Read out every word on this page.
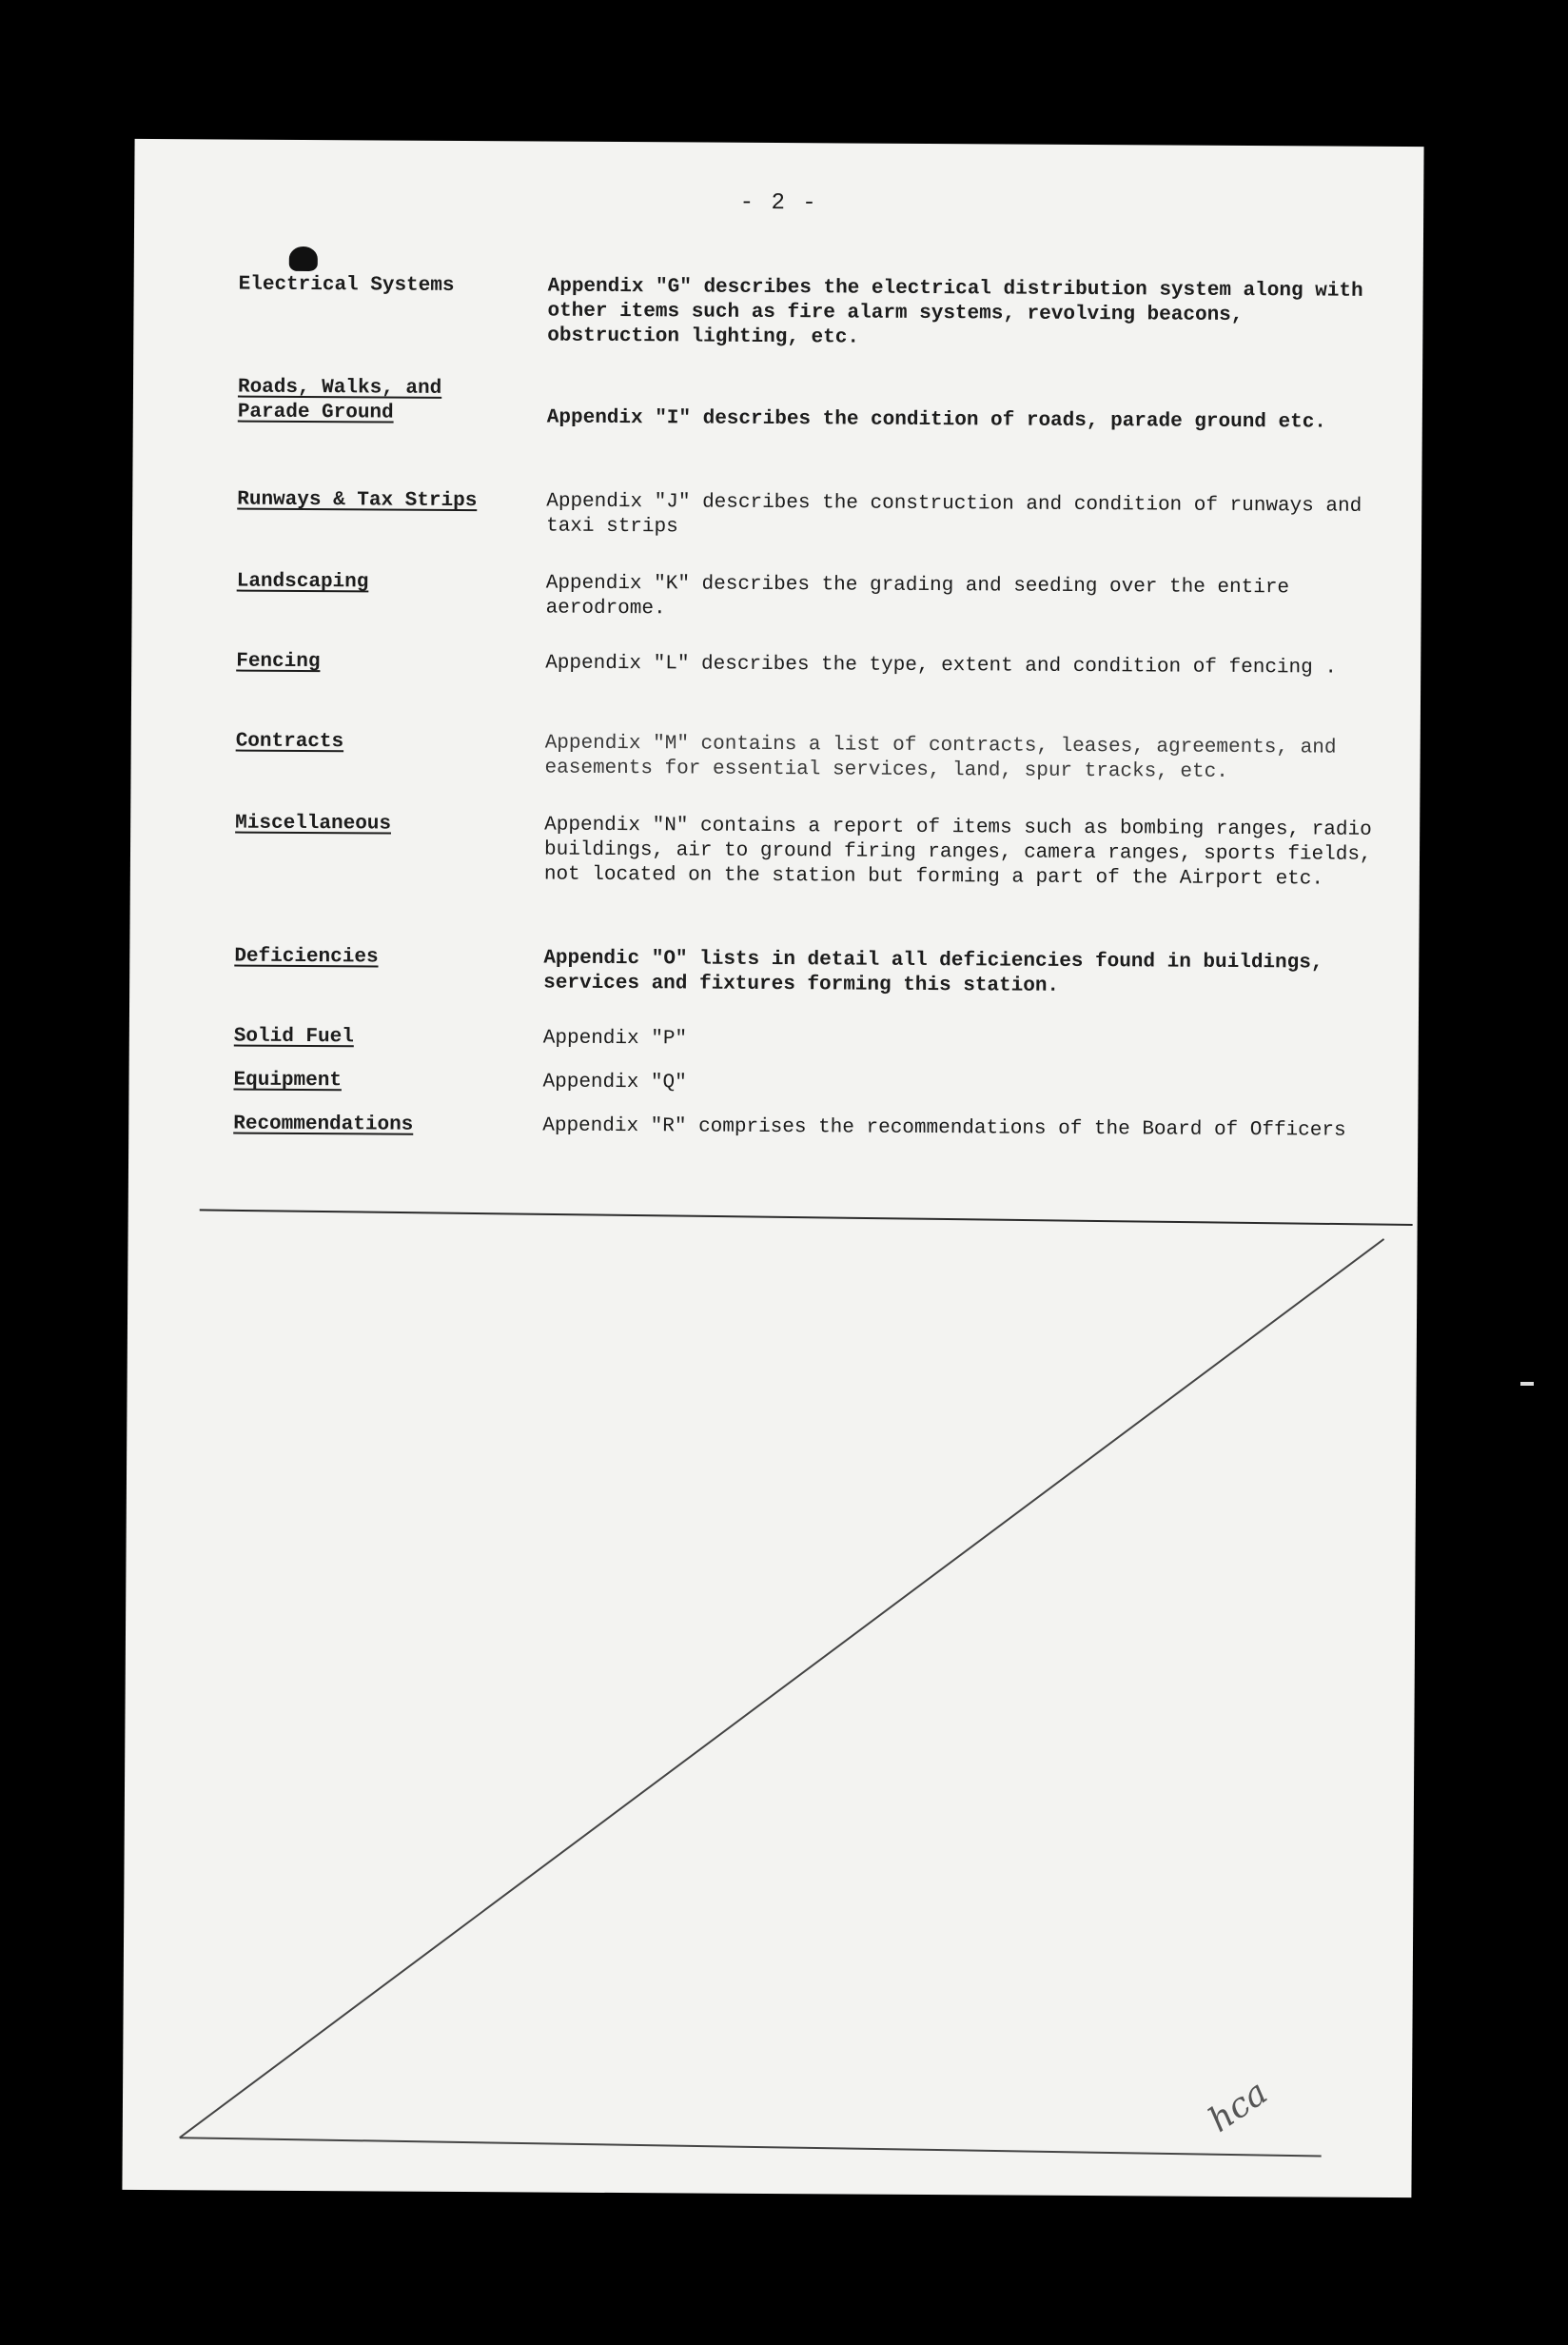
- 2 -
Electrical Systems	Appendix "G" describes the electrical distribution system along with other items such as fire alarm systems, revolving beacons, obstruction lighting, etc.
Roads, Walks, and
Parade Ground	Appendix "I" describes the condition of roads, parade ground etc.
Runways & Tax Strips	Appendix "J" describes the construction and condition of runways and taxi strips
Landscaping	Appendix "K" describes the grading and seeding over the entire aerodrome.
Fencing	Appendix "L" describes the type, extent and condition of fencing .
Contracts	Appendix "M" contains a list of contracts, leases, agreements, and easements for essential services, land, spur tracks, etc.
Miscellaneous	Appendix "N" contains a report of items such as bombing ranges, radio buildings, air to ground firing ranges, camera ranges, sports fields, not located on the station but forming a part of the Airport etc.
Deficiencies	Appendic "O" lists in detail all deficiencies found in buildings, services and fixtures forming this station.
Solid Fuel	Appendix "P"
Equipment	Appendix "Q"
Recommendations	Appendix "R" comprises the recommendations of the Board of Officers
hca
